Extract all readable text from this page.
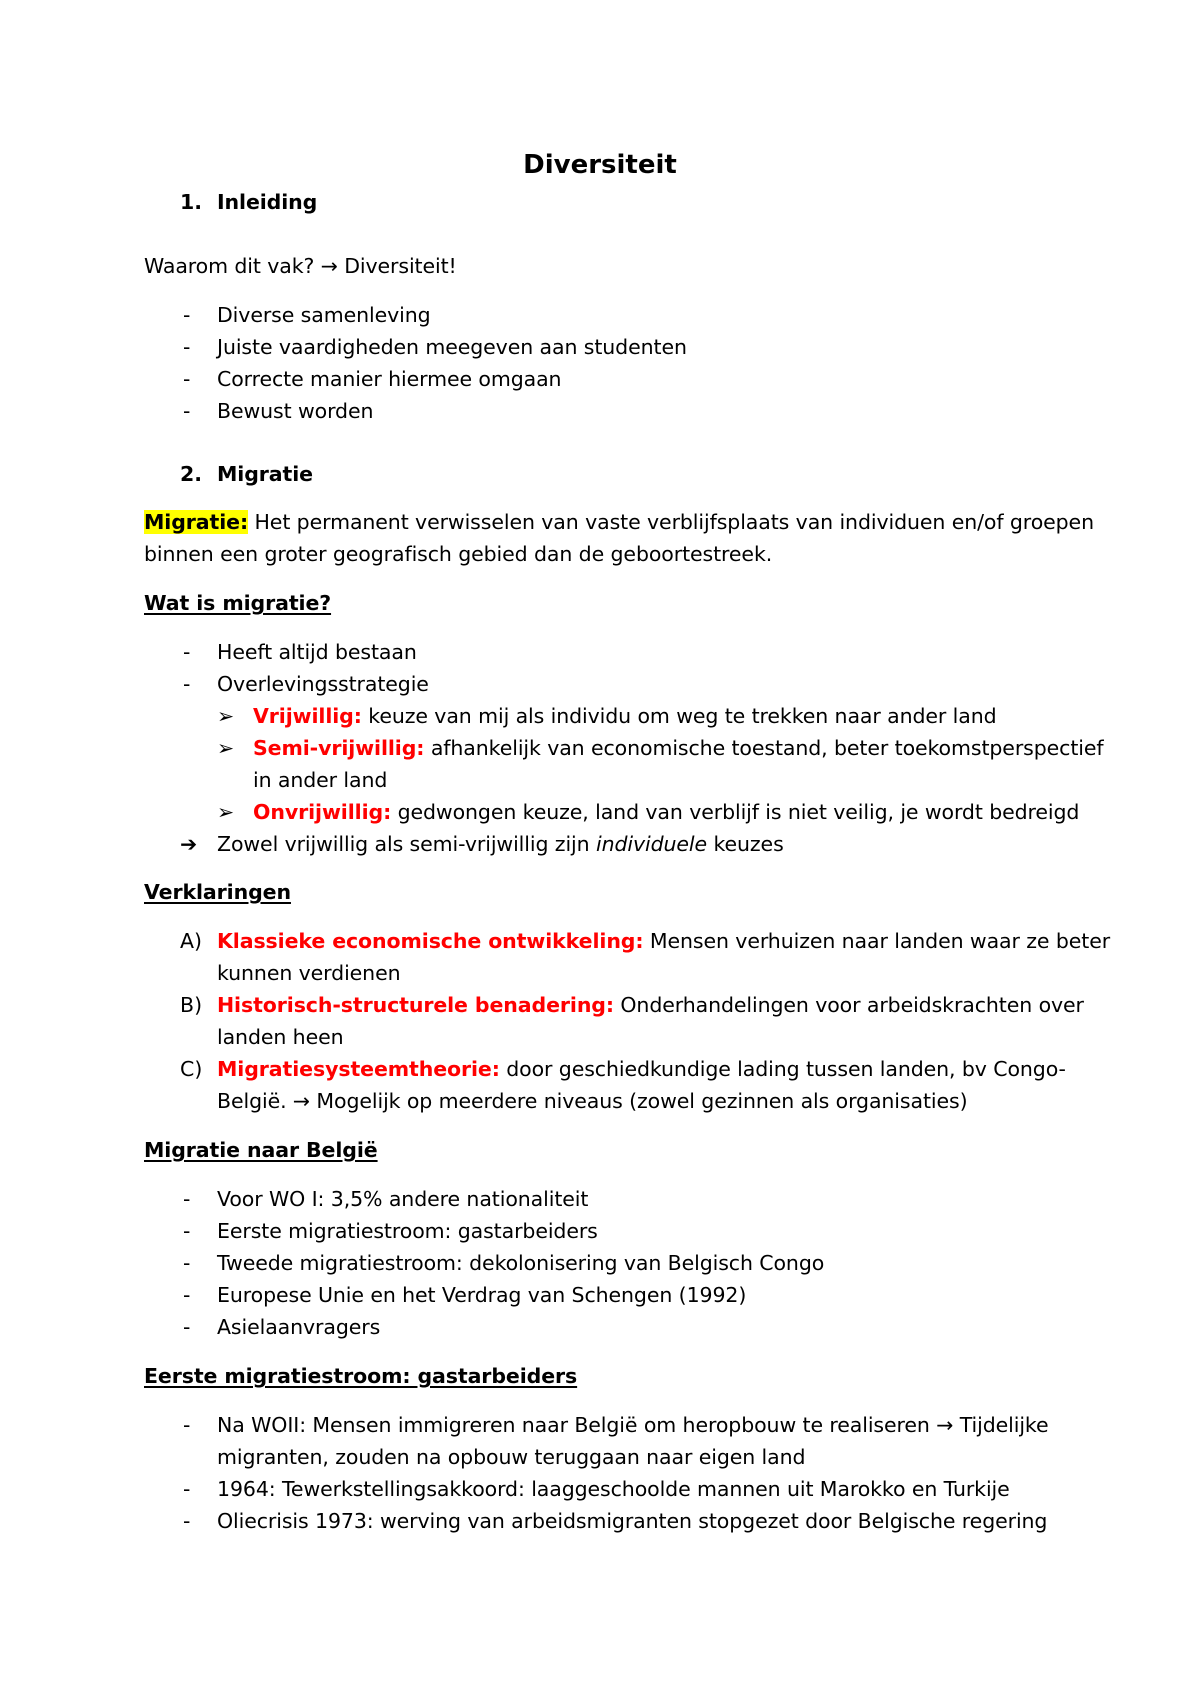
Diversiteit
1. Inleiding
Waarom dit vak? → Diversiteit!
- Diverse samenleving
- Juiste vaardigheden meegeven aan studenten
- Correcte manier hiermee omgaan
- Bewust worden
2. Migratie
Migratie: Het permanent verwisselen van vaste verblijfsplaats van individuen en/of groepen
binnen een groter geografisch gebied dan de geboortestreek.
Wat is migratie?
- Heeft altijd bestaan
- Overlevingsstrategie
➢ Vrijwillig: keuze van mij als individu om weg te trekken naar ander land
➢ Semi-vrijwillig: afhankelijk van economische toestand, beter toekomstperspectief
in ander land
➢ Onvrijwillig: gedwongen keuze, land van verblijf is niet veilig, je wordt bedreigd
➔ Zowel vrijwillig als semi-vrijwillig zijn individuele keuzes
Verklaringen
A) Klassieke economische ontwikkeling: Mensen verhuizen naar landen waar ze beter
kunnen verdienen
B) Historisch-structurele benadering: Onderhandelingen voor arbeidskrachten over
landen heen
C) Migratiesysteemtheorie: door geschiedkundige lading tussen landen, bv Congo-
België. → Mogelijk op meerdere niveaus (zowel gezinnen als organisaties)
Migratie naar België
- Voor WO I: 3,5% andere nationaliteit
- Eerste migratiestroom: gastarbeiders
- Tweede migratiestroom: dekolonisering van Belgisch Congo
- Europese Unie en het Verdrag van Schengen (1992)
- Asielaanvragers
Eerste migratiestroom: gastarbeiders
- Na WOII: Mensen immigreren naar België om heropbouw te realiseren → Tijdelijke
migranten, zouden na opbouw teruggaan naar eigen land
- 1964: Tewerkstellingsakkoord: laaggeschoolde mannen uit Marokko en Turkije
- Oliecrisis 1973: werving van arbeidsmigranten stopgezet door Belgische regering
